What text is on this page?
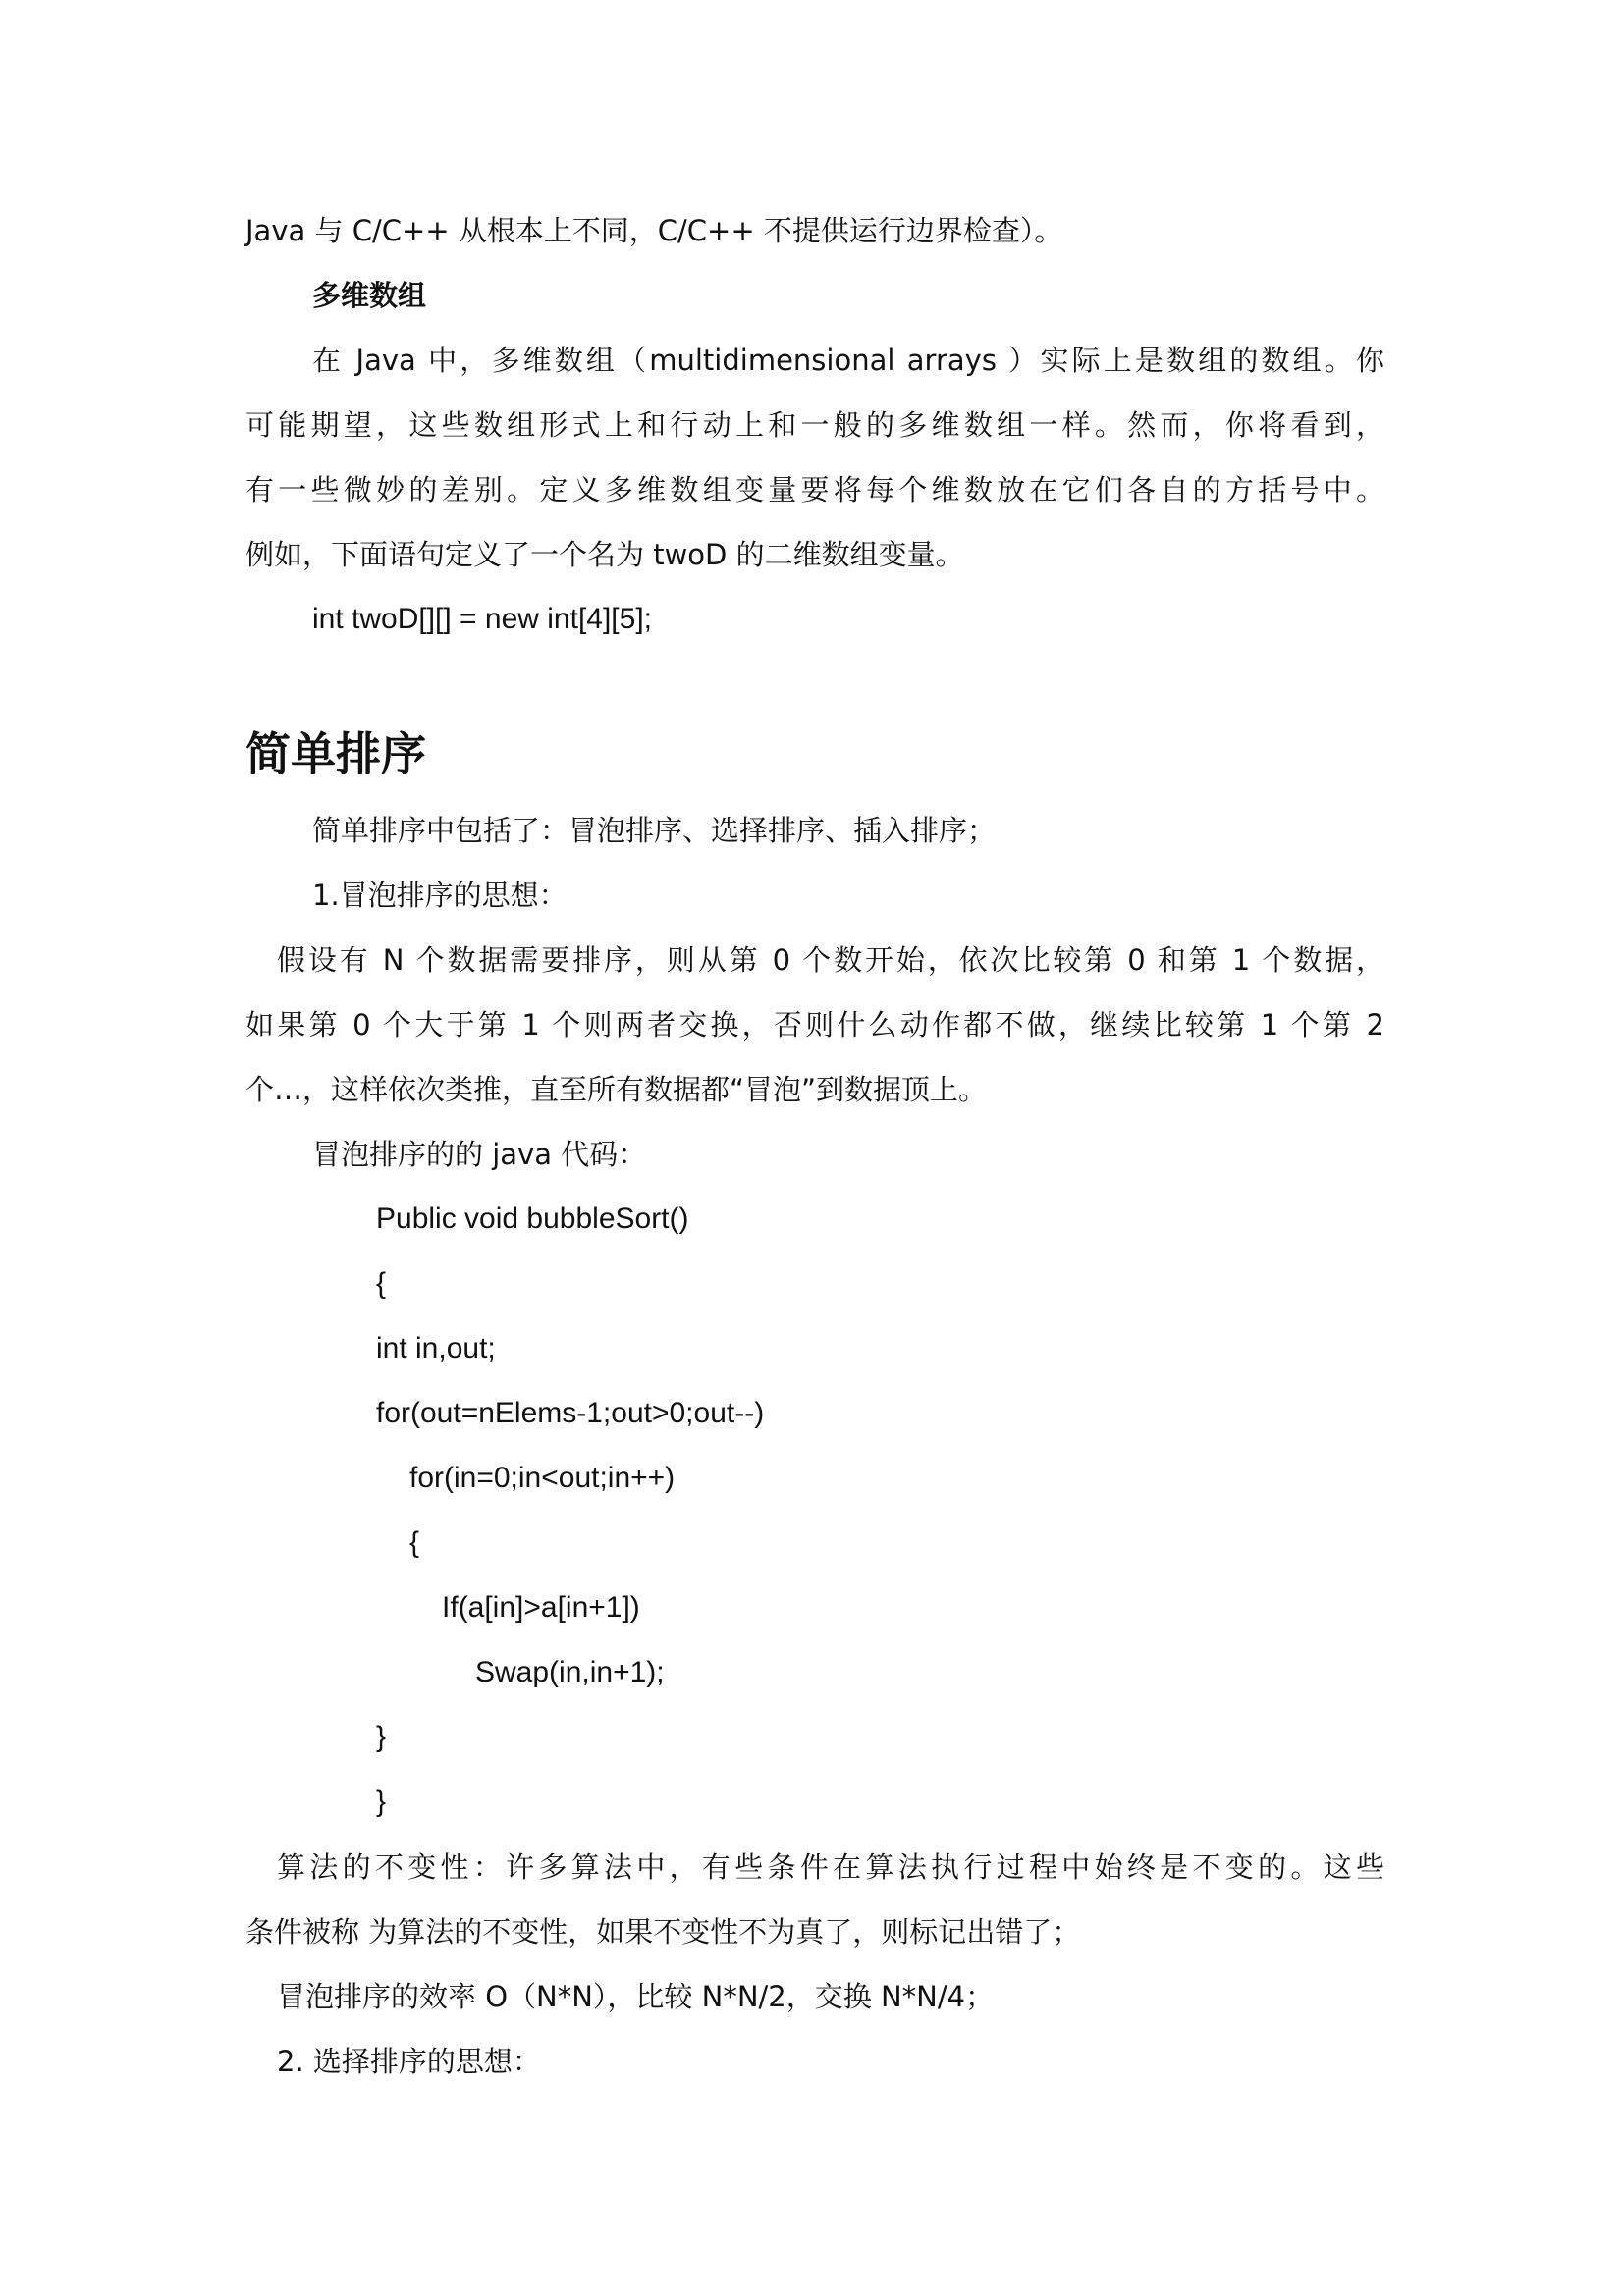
Java 与 C/C++ 从根本上不同，C/C++ 不提供运行边界检查）。
多维数组
在 Java 中，多维数组（multidimensional arrays ）实际上是数组的数组。你
可能期望，这些数组形式上和行动上和一般的多维数组一样。然而，你将看到，
有一些微妙的差别。定义多维数组变量要将每个维数放在它们各自的方括号中。
例如，下面语句定义了一个名为 twoD 的二维数组变量。
int twoD[][] = new int[4][5];
简单排序
简单排序中包括了：冒泡排序、选择排序、插入排序；
1.冒泡排序的思想：
假设有 N 个数据需要排序，则从第 0 个数开始，依次比较第 0 和第 1 个数据，
如果第 0 个大于第 1 个则两者交换，否则什么动作都不做，继续比较第 1 个第 2
个…，这样依次类推，直至所有数据都“冒泡”到数据顶上。
冒泡排序的的 java 代码：
Public void bubbleSort()
{
int in,out;
for(out=nElems-1;out>0;out--)
for(in=0;in<out;in++)
{
If(a[in]>a[in+1])
Swap(in,in+1);
}
}
算法的不变性：许多算法中，有些条件在算法执行过程中始终是不变的。这些
条件被称 为算法的不变性，如果不变性不为真了，则标记出错了；
冒泡排序的效率 O（N*N），比较 N*N/2，交换 N*N/4；
2. 选择排序的思想：
